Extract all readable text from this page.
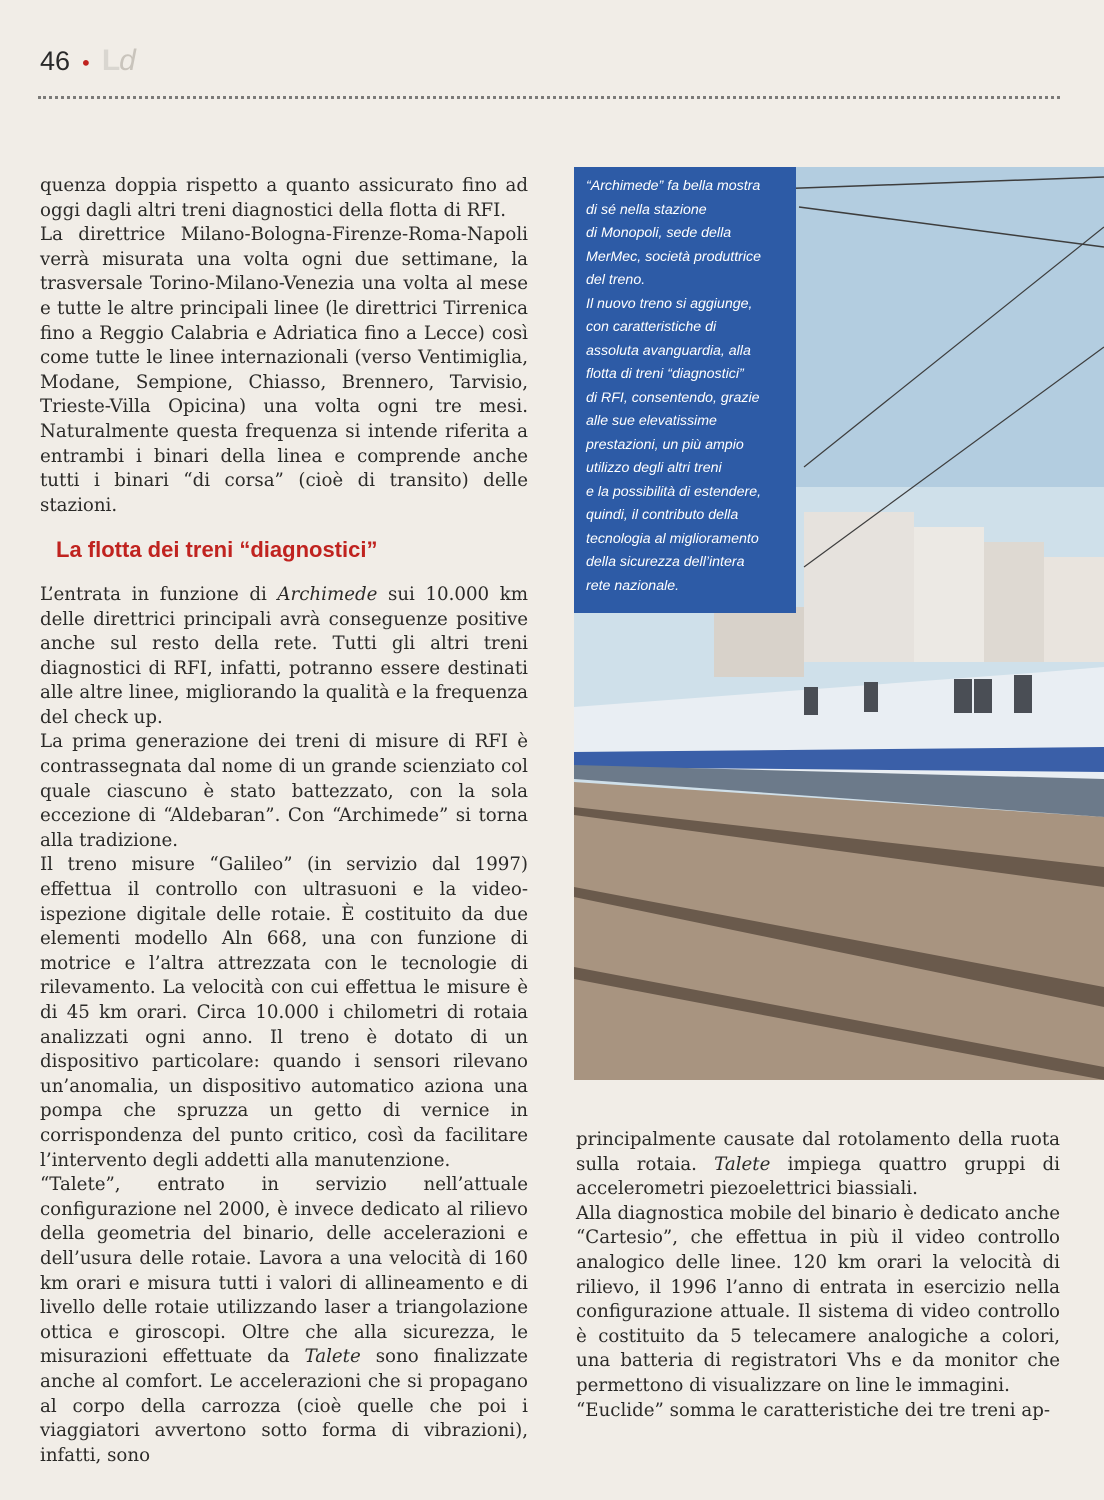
46 • Ld

quenza doppia rispetto a quanto assicurato fino ad oggi dagli altri treni diagnostici della flotta di RFI.

La direttrice Milano-Bologna-Firenze-Roma-Napoli verrà misurata una volta ogni due settimane, la trasversale Torino-Milano-Venezia una volta al mese e tutte le altre principali linee (le direttrici Tirrenica fino a Reggio Calabria e Adriatica fino a Lecce) così come tutte le linee internazionali (verso Ventimiglia, Modane, Sempione, Chiasso, Brennero, Tarvisio, Trieste-Villa Opicina) una volta ogni tre mesi. Naturalmente questa frequenza si intende riferita a entrambi i binari della linea e comprende anche tutti i binari “di corsa” (cioè di transito) delle stazioni.

La flotta dei treni “diagnostici”

L’entrata in funzione di Archimede sui 10.000 km delle direttrici principali avrà conseguenze positive anche sul resto della rete. Tutti gli altri treni diagnostici di RFI, infatti, potranno essere destinati alle altre linee, migliorando la qualità e la frequenza del check up.

La prima generazione dei treni di misure di RFI è contrassegnata dal nome di un grande scienziato col quale ciascuno è stato battezzato, con la sola eccezione di “Aldebaran”. Con “Archimede” si torna alla tradizione.

Il treno misure “Galileo” (in servizio dal 1997) effettua il controllo con ultrasuoni e la video-ispezione digitale delle rotaie. È costituito da due elementi modello Aln 668, una con funzione di motrice e l’altra attrezzata con le tecnologie di rilevamento. La velocità con cui effettua le misure è di 45 km orari. Circa 10.000 i chilometri di rotaia analizzati ogni anno. Il treno è dotato di un dispositivo particolare: quando i sensori rilevano un’anomalia, un dispositivo automatico aziona una pompa che spruzza un getto di vernice in corrispondenza del punto critico, così da facilitare l’intervento degli addetti alla manutenzione.

“Talete”, entrato in servizio nell’attuale configurazione nel 2000, è invece dedicato al rilievo della geometria del binario, delle accelerazioni e dell’usura delle rotaie. Lavora a una velocità di 160 km orari e misura tutti i valori di allineamento e di livello delle rotaie utilizzando laser a triangolazione ottica e giroscopi. Oltre che alla sicurezza, le misurazioni effettuate da Talete sono finalizzate anche al comfort. Le accelerazioni che si propagano al corpo della carrozza (cioè quelle che poi i viaggiatori avvertono sotto forma di vibrazioni), infatti, sono

“Archimede” fa bella mostra
di sé nella stazione
di Monopoli, sede della
MerMec, società produttrice
del treno.
Il nuovo treno si aggiunge,
con caratteristiche di
assoluta avanguardia, alla
flotta di treni “diagnostici”
di RFI, consentendo, grazie
alle sue elevatissime
prestazioni, un più ampio
utilizzo degli altri treni
e la possibilità di estendere,
quindi, il contributo della
tecnologia al miglioramento
della sicurezza dell’intera
rete nazionale.

principalmente causate dal rotolamento della ruota sulla rotaia. Talete impiega quattro gruppi di accelerometri piezoelettrici biassiali.

Alla diagnostica mobile del binario è dedicato anche “Cartesio”, che effettua in più il video controllo analogico delle linee. 120 km orari la velocità di rilievo, il 1996 l’anno di entrata in esercizio nella configurazione attuale. Il sistema di video controllo è costituito da 5 telecamere analogiche a colori, una batteria di registratori Vhs e da monitor che permettono di visualizzare on line le immagini.

“Euclide” somma le caratteristiche dei tre treni ap-
